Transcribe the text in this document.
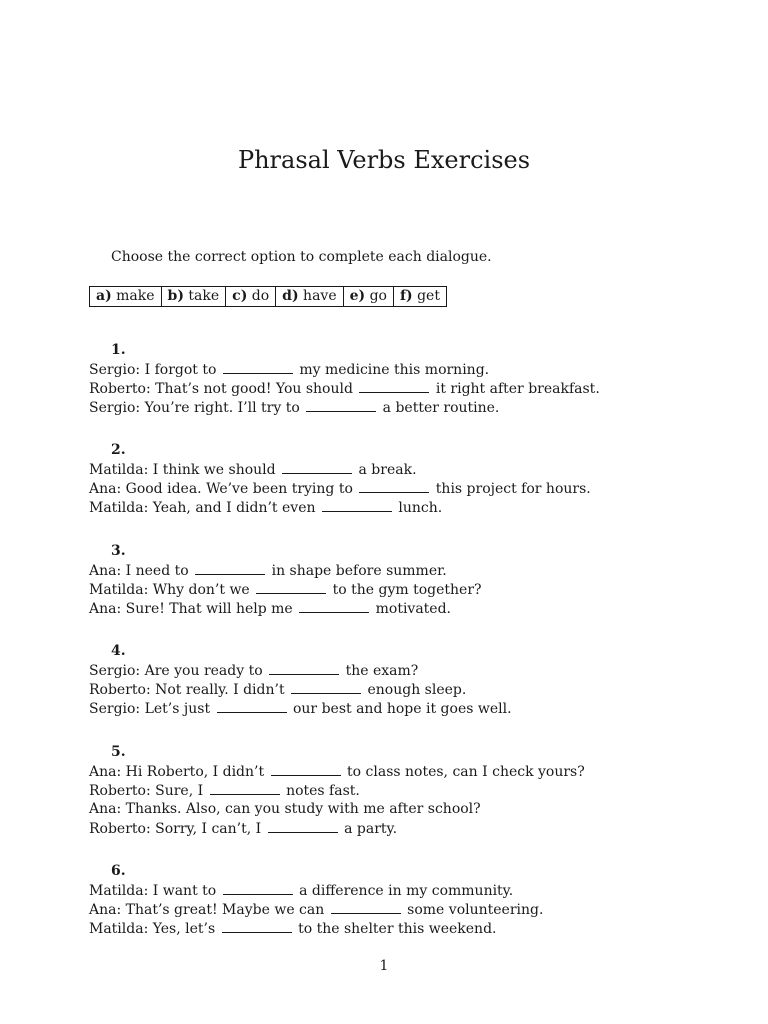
Phrasal Verbs Exercises
Choose the correct option to complete each dialogue.
a) make b) take c) do d) have e) go f) get
1.
Sergio: I forgot to	my medicine this morning.
Roberto: That’s not good! You should	it right after breakfast.
Sergio: You’re right. I’ll try to	a better routine.
2.
Matilda: I think we should	a break.
Ana: Good idea. We’ve been trying to	this project for hours.
Matilda: Yeah, and I didn’t even	lunch.
3.
Ana: I need to	in shape before summer.
Matilda: Why don’t we	to the gym together?
Ana: Sure! That will help me	motivated.
4.
Sergio: Are you ready to	the exam?
Roberto: Not really. I didn’t	enough sleep.
Sergio: Let’s just	our best and hope it goes well.
5.
Ana: Hi Roberto, I didn’t	to class notes, can I check yours?
Roberto: Sure, I	notes fast.
Ana: Thanks. Also, can you study with me after school?
Roberto: Sorry, I can’t, I	a party.
6.
Matilda: I want to	a difference in my community.
Ana: That’s great! Maybe we can	some volunteering.
Matilda: Yes, let’s	to the shelter this weekend.
1
